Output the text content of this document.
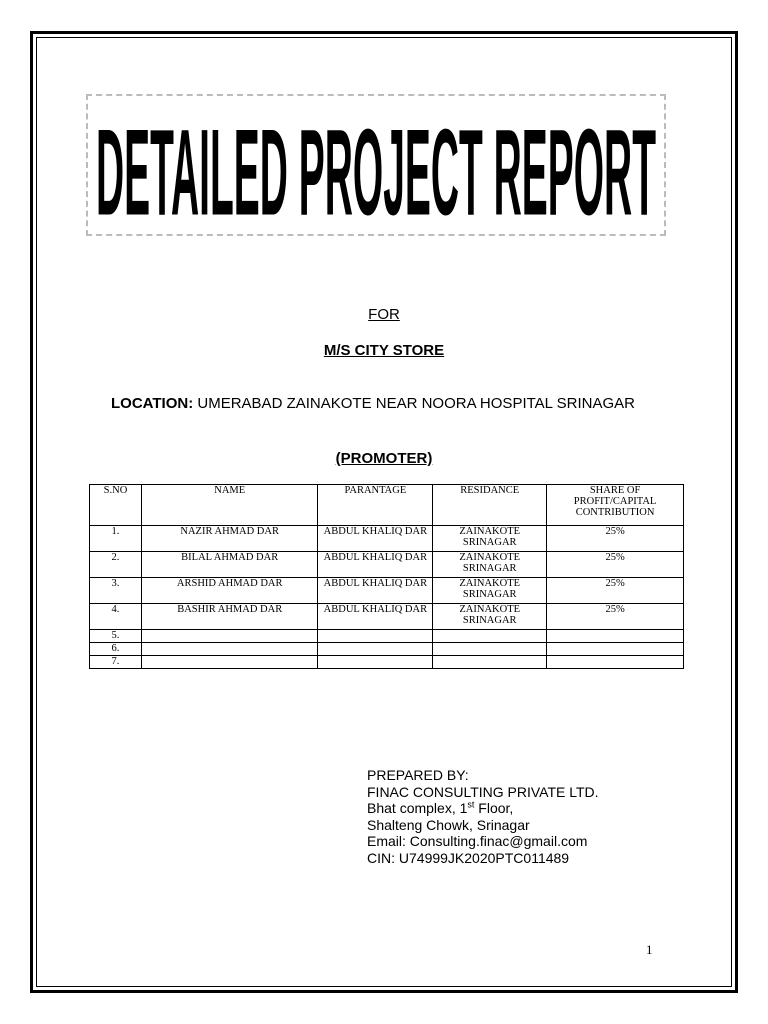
DETAILED PROJECT REPORT
FOR
M/S CITY STORE
LOCATION: UMERABAD ZAINAKOTE NEAR NOORA HOSPITAL SRINAGAR
(PROMOTER)
S.NO	NAME	PARANTAGE	RESIDANCE	SHARE OF PROFIT/CAPITAL CONTRIBUTION
1.	NAZIR AHMAD DAR	ABDUL KHALIQ DAR	ZAINAKOTE SRINAGAR	25%
2.	BILAL AHMAD DAR	ABDUL KHALIQ DAR	ZAINAKOTE SRINAGAR	25%
3.	ARSHID AHMAD DAR	ABDUL KHALIQ DAR	ZAINAKOTE SRINAGAR	25%
4.	BASHIR AHMAD DAR	ABDUL KHALIQ DAR	ZAINAKOTE SRINAGAR	25%
5.				
6.				
7.				
PREPARED BY:
FINAC CONSULTING PRIVATE LTD.
Bhat complex, 1st Floor,
Shalteng Chowk, Srinagar
Email: Consulting.finac@gmail.com
CIN: U74999JK2020PTC011489
1
